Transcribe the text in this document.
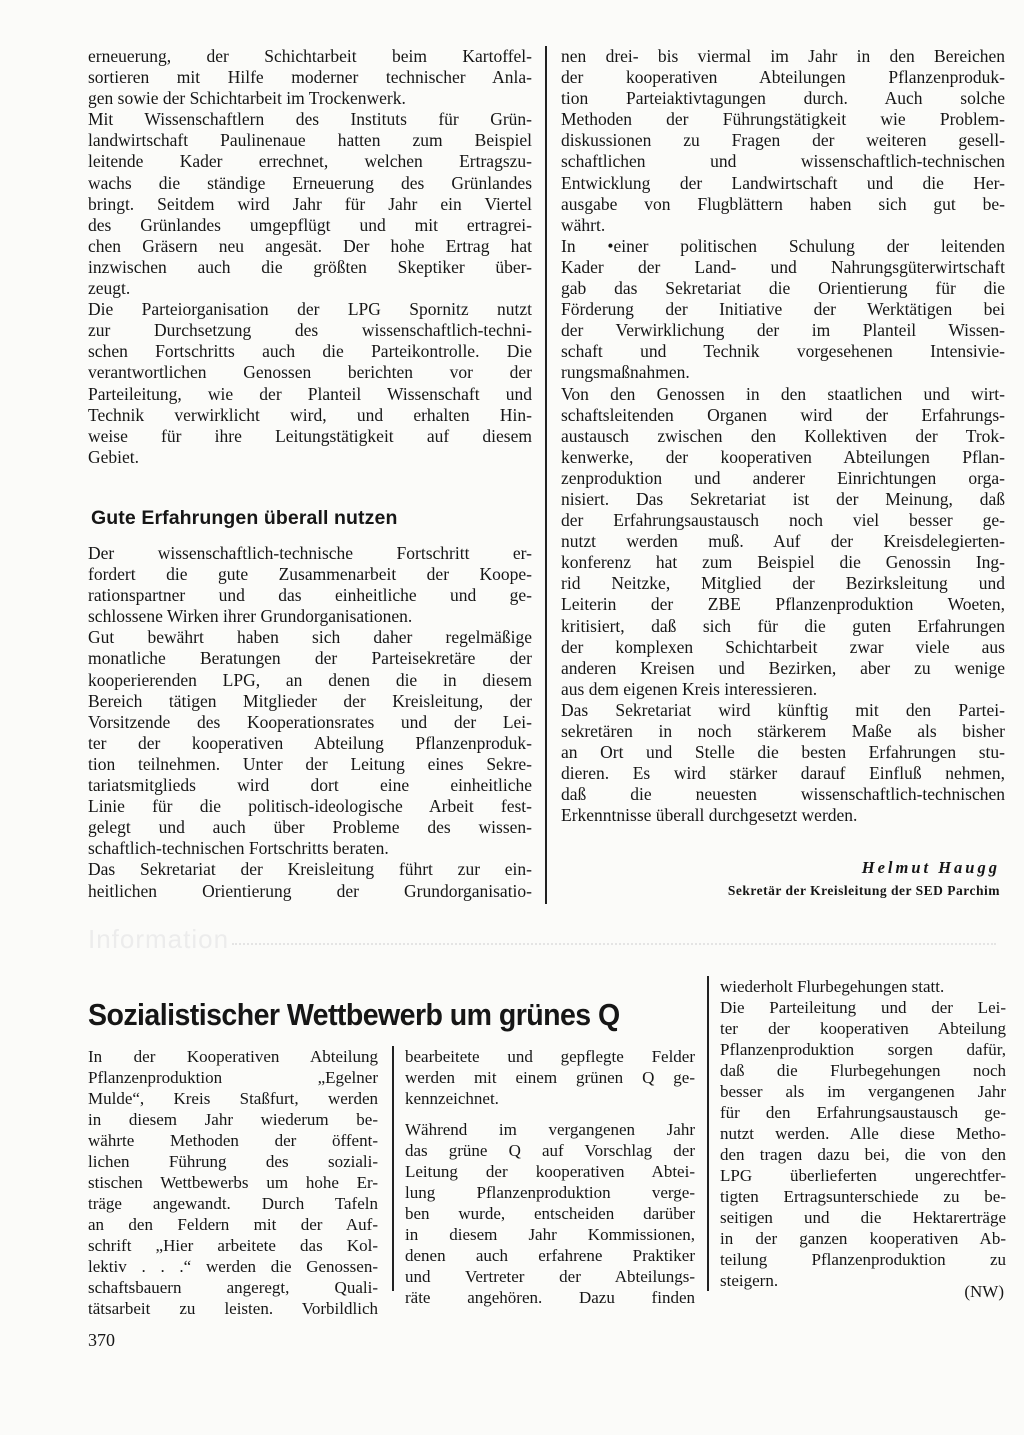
erneuerung, der Schichtarbeit beim Kartoffel-
sortieren mit Hilfe moderner technischer Anla-
gen sowie der Schichtarbeit im Trockenwerk.
Mit Wissenschaftlern des Instituts für Grün-
landwirtschaft Paulinenaue hatten zum Beispiel
leitende Kader errechnet, welchen Ertragszu-
wachs die ständige Erneuerung des Grünlandes
bringt. Seitdem wird Jahr für Jahr ein Viertel
des Grünlandes umgepflügt und mit ertragrei-
chen Gräsern neu angesät. Der hohe Ertrag hat
inzwischen auch die größten Skeptiker über-
zeugt.
Die Parteiorganisation der LPG Spornitz nutzt
zur Durchsetzung des wissenschaftlich-techni-
schen Fortschritts auch die Parteikontrolle. Die
verantwortlichen Genossen berichten vor der
Parteileitung, wie der Planteil Wissenschaft und
Technik verwirklicht wird, und erhalten Hin-
weise für ihre Leitungstätigkeit auf diesem
Gebiet.
Gute Erfahrungen überall nutzen
Der wissenschaftlich-technische Fortschritt er-
fordert die gute Zusammenarbeit der Koope-
rationspartner und das einheitliche und ge-
schlossene Wirken ihrer Grundorganisationen.
Gut bewährt haben sich daher regelmäßige
monatliche Beratungen der Parteisekretäre der
kooperierenden LPG, an denen die in diesem
Bereich tätigen Mitglieder der Kreisleitung, der
Vorsitzende des Kooperationsrates und der Lei-
ter der kooperativen Abteilung Pflanzenproduk-
tion teilnehmen. Unter der Leitung eines Sekre-
tariatsmitglieds wird dort eine einheitliche
Linie für die politisch-ideologische Arbeit fest-
gelegt und auch über Probleme des wissen-
schaftlich-technischen Fortschritts beraten.
Das Sekretariat der Kreisleitung führt zur ein-
heitlichen Orientierung der Grundorganisatio-
nen drei- bis viermal im Jahr in den Bereichen
der kooperativen Abteilungen Pflanzenproduk-
tion Parteiaktivtagungen durch. Auch solche
Methoden der Führungstätigkeit wie Problem-
diskussionen zu Fragen der weiteren gesell-
schaftlichen und wissenschaftlich-technischen
Entwicklung der Landwirtschaft und die Her-
ausgabe von Flugblättern haben sich gut be-
währt.
In •einer politischen Schulung der leitenden
Kader der Land- und Nahrungsgüterwirtschaft
gab das Sekretariat die Orientierung für die
Förderung der Initiative der Werktätigen bei
der Verwirklichung der im Planteil Wissen-
schaft und Technik vorgesehenen Intensivie-
rungsmaßnahmen.
Von den Genossen in den staatlichen und wirt-
schaftsleitenden Organen wird der Erfahrungs-
austausch zwischen den Kollektiven der Trok-
kenwerke, der kooperativen Abteilungen Pflan-
zenproduktion und anderer Einrichtungen orga-
nisiert. Das Sekretariat ist der Meinung, daß
der Erfahrungsaustausch noch viel besser ge-
nutzt werden muß. Auf der Kreisdelegierten-
konferenz hat zum Beispiel die Genossin Ing-
rid Neitzke, Mitglied der Bezirksleitung und
Leiterin der ZBE Pflanzenproduktion Woeten,
kritisiert, daß sich für die guten Erfahrungen
der komplexen Schichtarbeit zwar viele aus
anderen Kreisen und Bezirken, aber zu wenige
aus dem eigenen Kreis interessieren.
Das Sekretariat wird künftig mit den Partei-
sekretären in noch stärkerem Maße als bisher
an Ort und Stelle die besten Erfahrungen stu-
dieren. Es wird stärker darauf Einfluß nehmen,
daß die neuesten wissenschaftlich-technischen
Erkenntnisse überall durchgesetzt werden.
Helmut Haugg
Sekretär der Kreisleitung der SED Parchim
Information
Sozialistischer Wettbewerb um grünes Q
In der Kooperativen Abteilung
Pflanzenproduktion „Egelner
Mulde“, Kreis Staßfurt, werden
in diesem Jahr wiederum be-
währte Methoden der öffent-
lichen Führung des soziali-
stischen Wettbewerbs um hohe Er-
träge angewandt. Durch Tafeln
an den Feldern mit der Auf-
schrift „Hier arbeitete das Kol-
lektiv . . .“ werden die Genossen-
schaftsbauern angeregt, Quali-
tätsarbeit zu leisten. Vorbildlich
bearbeitete und gepflegte Felder
werden mit einem grünen Q ge-
kennzeichnet.
Während im vergangenen Jahr
das grüne Q auf Vorschlag der
Leitung der kooperativen Abtei-
lung Pflanzenproduktion verge-
ben wurde, entscheiden darüber
in diesem Jahr Kommissionen,
denen auch erfahrene Praktiker
und Vertreter der Abteilungs-
räte angehören. Dazu finden
wiederholt Flurbegehungen statt.
Die Parteileitung und der Lei-
ter der kooperativen Abteilung
Pflanzenproduktion sorgen dafür,
daß die Flurbegehungen noch
besser als im vergangenen Jahr
für den Erfahrungsaustausch ge-
nutzt werden. Alle diese Metho-
den tragen dazu bei, die von den
LPG überlieferten ungerechtfer-
tigten Ertragsunterschiede zu be-
seitigen und die Hektarerträge
in der ganzen kooperativen Ab-
teilung Pflanzenproduktion zu
steigern.
(NW)
370
